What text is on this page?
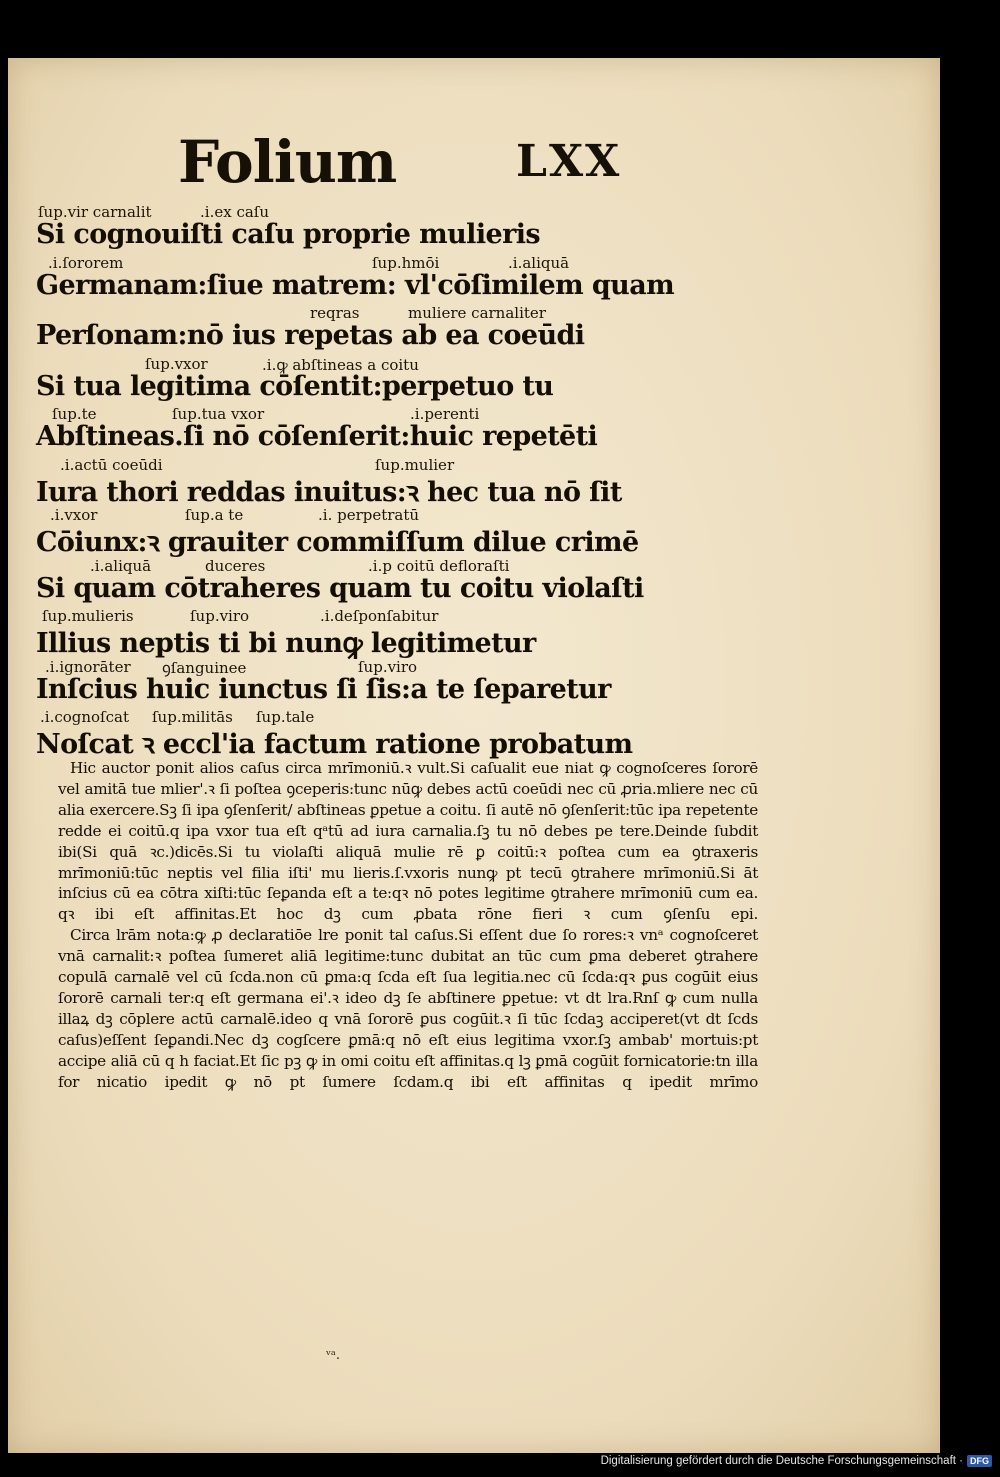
Folium	LXX
ſup.vir carnalit	.i.ex caſu
Si cognouiſti caſu proprie mulieris
.i.ſororem	ſup.hmōi	.i.aliquā
Germanam:ſiue matrem: vl'cōſimilem quam
reqras	muliere carnaliter
Perſonam:nō ius repetas ab ea coeūdi
ſup.vxor	.i.ꝙ abſtineas a coitu
Si tua legitima cōſentit:perpetuo tu
ſup.te	ſup.tua vxor	.i.perenti
Abſtineas.ſi nō cōſenſerit:huic repetēti
.i.actū coeūdi	ſup.mulier
Iura thori reddas inuitus:ꝛ hec tua nō ſit
.i.vxor	ſup.a te	.i. perpetratū
Cōiunx:ꝛ grauiter commiſſum dilue crimē
.i.aliquā	duceres	.i.p coitū defloraſti
Si quam cōtraheres quam tu coitu violaſti
ſup.mulieris	ſup.viro	.i.deſponſabitur
Illius neptis ti bi nunꝙ legitimetur
.i.ignorāter ꝯſanguinee	ſup.viro
Inſcius huic iunctus ſi ſis:a te ſeparetur
.i.cognoſcat ſup.militās ſup.tale
Noſcat ꝛ eccl'ia factum ratione probatum

Hic auctor ponit alios caſus circa mrīmoniū.ꝛ vult.Si caſualit eue niat ꝙ cognoſceres ſororē vel amitā tue mlier'.ꝛ ſi poſtea ꝯceperis:tunc nūꝙ debes actū coeūdi nec cū ꝓria.mliere nec cū alia exercere.Sꝫ ſi ipa ꝯſenſerit/ abſtineas ꝑpetue a coitu. ſi autē nō ꝯſenſerit:tūc ipa repetente redde ei coitū.q ipa vxor tua eſt qᵃtū ad iura carnalia.ſꝫ tu nō debes pe tere.Deinde ſubdit ibi(Si quā ꝛc.)dicēs.Si tu violaſti aliquā mulie rē ꝑ coitū:ꝛ poſtea cum ea ꝯtraxeris mrīmoniū:tūc neptis vel filia iſti' mu lieris.ſ.vxoris nunꝙ pt tecū ꝯtrahere mrīmoniū.Si āt inſcius cū ea cōtra xiſti:tūc ſeꝑanda eſt a te:qꝛ nō potes legitime ꝯtrahere mrīmoniū cum ea. qꝛ ibi eſt affinitas.Et hoc dꝫ cum ꝓbata rōne fieri ꝛ cum ꝯſenſu epi.

Circa lrām nota:ꝙ ꝓ declaratiōe lre ponit tal caſus.Si eſſent due ſo rores:ꝛ vnᵃ cognoſceret vnā carnalit:ꝛ poſtea ſumeret aliā legitime:tunc dubitat an tūc cum ꝑma deberet ꝯtrahere copulā carnalē vel cū ſcda.non cū ꝑma:q ſcda eſt ſua legitia.nec cū ſcda:qꝛ ꝑus cogūit eius ſororē carnali ter:q eſt germana ei'.ꝛ ideo dꝫ ſe abſtinere ꝑpetue: vt dt lra.Rnſ ꝙ cum nulla illaꝝ dꝫ cōplere actū carnalē.ideo q vnā ſororē ꝑus cogūit.ꝛ ſi tūc ſcdaꝫ acciperet(vt dt ſcds caſus)eſſent ſeꝑandi.Nec dꝫ cogſcere ꝑmā:q nō eſt eius legitima vxor.ſꝫ ambab' mortuis:pt accipe aliā cū q h faciat.Et ſic pꝫ ꝙ in omi coitu eſt affinitas.q lꝫ ꝑmā cogūit fornicatorie:tn illa for nicatio ipedit ꝙ nō pt ſumere ſcdam.q ibi eſt affinitas q ipedit mrīmo

ᵛᵃ.
Digitalisierung gefördert durch die Deutsche Forschungsgemeinschaft · DFG
